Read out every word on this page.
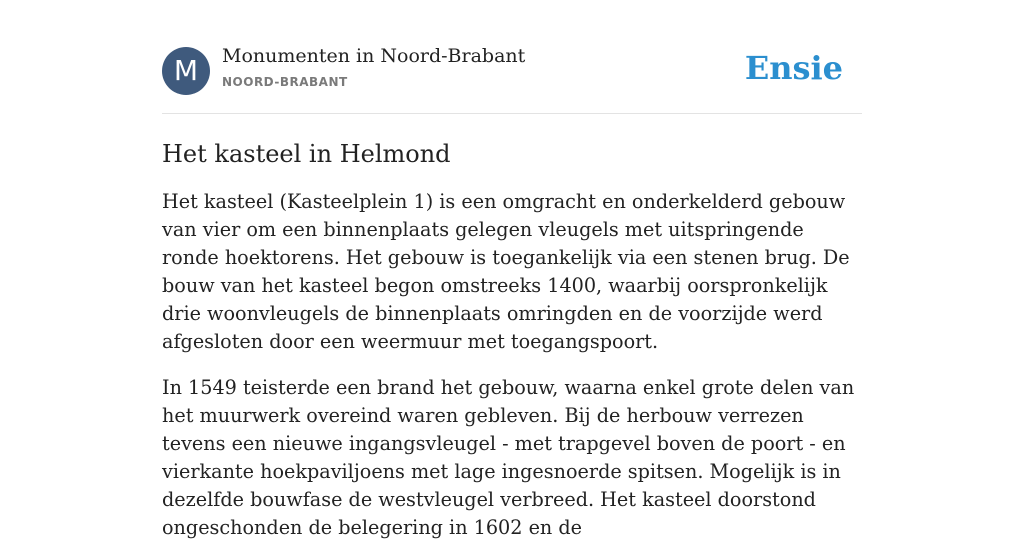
M	Monumenten in Noord-Brabant
NOORD-BRABANT	Ensie
Het kasteel in Helmond

Het kasteel (Kasteelplein 1) is een omgracht en onderkelderd gebouw van vier om een binnenplaats gelegen vleugels met uitspringende ronde hoektorens. Het gebouw is toegankelijk via een stenen brug. De bouw van het kasteel begon omstreeks 1400, waarbij oorspronkelijk drie woonvleugels de binnenplaats omringden en de voorzijde werd afgesloten door een weermuur met toegangspoort.

In 1549 teisterde een brand het gebouw, waarna enkel grote delen van het muurwerk overeind waren gebleven. Bij de herbouw verrezen tevens een nieuwe ingangsvleugel - met trapgevel boven de poort - en vierkante hoekpaviljoens met lage ingesnoerde spitsen. Mogelijk is in dezelfde bouwfase de westvleugel verbreed. Het kasteel doorstond ongeschonden de belegering in 1602 en de
